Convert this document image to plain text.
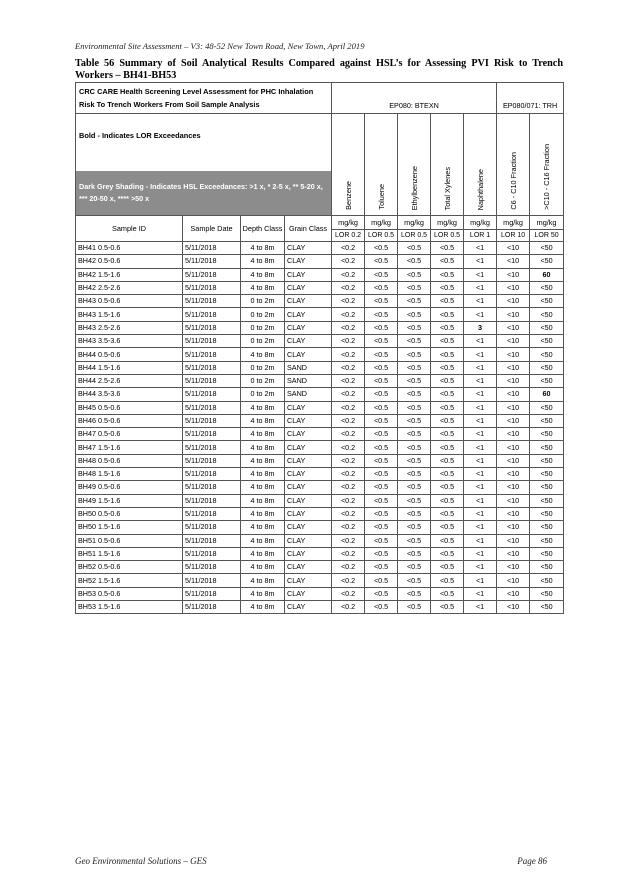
Environmental Site Assessment – V3: 48-52 New Town Road, New Town, April 2019
Table 56 Summary of Soil Analytical Results Compared against HSL’s for Assessing PVI Risk to Trench Workers – BH41-BH53
CRC CARE Health Screening Level Assessment for PHC Inhalation Risk To Trench Workers From Soil Sample Analysis				EP080: BTEXN					EP080/071: TRH	
Bold - Indicates LOR Exceedances				Benzene	Toluene	Ethylbenzene	Total Xylenes	Naphthalene	C6 - C10 Fraction	>C10 - C16 Fraction
Dark Grey Shading - Indicates HSL Exceedances: >1 x, * 2-5 x, ** 5-20 x, *** 20-50 x, **** >50 x										
Sample ID	Sample Date	Depth Class	Grain Class	mg/kg	mg/kg	mg/kg	mg/kg	mg/kg	mg/kg	mg/kg
				LOR 0.2	LOR 0.5	LOR 0.5	LOR 0.5	LOR 1	LOR 10	LOR 50
BH41 0.5-0.6	5/11/2018	4 to 8m	CLAY	<0.2	<0.5	<0.5	<0.5	<1	<10	<50
BH42 0.5-0.6	5/11/2018	4 to 8m	CLAY	<0.2	<0.5	<0.5	<0.5	<1	<10	<50
BH42 1.5-1.6	5/11/2018	4 to 8m	CLAY	<0.2	<0.5	<0.5	<0.5	<1	<10	60
BH42 2.5-2.6	5/11/2018	4 to 8m	CLAY	<0.2	<0.5	<0.5	<0.5	<1	<10	<50
BH43 0.5-0.6	5/11/2018	0 to 2m	CLAY	<0.2	<0.5	<0.5	<0.5	<1	<10	<50
BH43 1.5-1.6	5/11/2018	0 to 2m	CLAY	<0.2	<0.5	<0.5	<0.5	<1	<10	<50
BH43 2.5-2.6	5/11/2018	0 to 2m	CLAY	<0.2	<0.5	<0.5	<0.5	3	<10	<50
BH43 3.5-3.6	5/11/2018	0 to 2m	CLAY	<0.2	<0.5	<0.5	<0.5	<1	<10	<50
BH44 0.5-0.6	5/11/2018	4 to 8m	CLAY	<0.2	<0.5	<0.5	<0.5	<1	<10	<50
BH44 1.5-1.6	5/11/2018	0 to 2m	SAND	<0.2	<0.5	<0.5	<0.5	<1	<10	<50
BH44 2.5-2.6	5/11/2018	0 to 2m	SAND	<0.2	<0.5	<0.5	<0.5	<1	<10	<50
BH44 3.5-3.6	5/11/2018	0 to 2m	SAND	<0.2	<0.5	<0.5	<0.5	<1	<10	60
BH45 0.5-0.6	5/11/2018	4 to 8m	CLAY	<0.2	<0.5	<0.5	<0.5	<1	<10	<50
BH46 0.5-0.6	5/11/2018	4 to 8m	CLAY	<0.2	<0.5	<0.5	<0.5	<1	<10	<50
BH47 0.5-0.6	5/11/2018	4 to 8m	CLAY	<0.2	<0.5	<0.5	<0.5	<1	<10	<50
BH47 1.5-1.6	5/11/2018	4 to 8m	CLAY	<0.2	<0.5	<0.5	<0.5	<1	<10	<50
BH48 0.5-0.6	5/11/2018	4 to 8m	CLAY	<0.2	<0.5	<0.5	<0.5	<1	<10	<50
BH48 1.5-1.6	5/11/2018	4 to 8m	CLAY	<0.2	<0.5	<0.5	<0.5	<1	<10	<50
BH49 0.5-0.6	5/11/2018	4 to 8m	CLAY	<0.2	<0.5	<0.5	<0.5	<1	<10	<50
BH49 1.5-1.6	5/11/2018	4 to 8m	CLAY	<0.2	<0.5	<0.5	<0.5	<1	<10	<50
BH50 0.5-0.6	5/11/2018	4 to 8m	CLAY	<0.2	<0.5	<0.5	<0.5	<1	<10	<50
BH50 1.5-1.6	5/11/2018	4 to 8m	CLAY	<0.2	<0.5	<0.5	<0.5	<1	<10	<50
BH51 0.5-0.6	5/11/2018	4 to 8m	CLAY	<0.2	<0.5	<0.5	<0.5	<1	<10	<50
BH51 1.5-1.6	5/11/2018	4 to 8m	CLAY	<0.2	<0.5	<0.5	<0.5	<1	<10	<50
BH52 0.5-0.6	5/11/2018	4 to 8m	CLAY	<0.2	<0.5	<0.5	<0.5	<1	<10	<50
BH52 1.5-1.6	5/11/2018	4 to 8m	CLAY	<0.2	<0.5	<0.5	<0.5	<1	<10	<50
BH53 0.5-0.6	5/11/2018	4 to 8m	CLAY	<0.2	<0.5	<0.5	<0.5	<1	<10	<50
BH53 1.5-1.6	5/11/2018	4 to 8m	CLAY	<0.2	<0.5	<0.5	<0.5	<1	<10	<50
Geo Environmental Solutions – GES	Page 86
